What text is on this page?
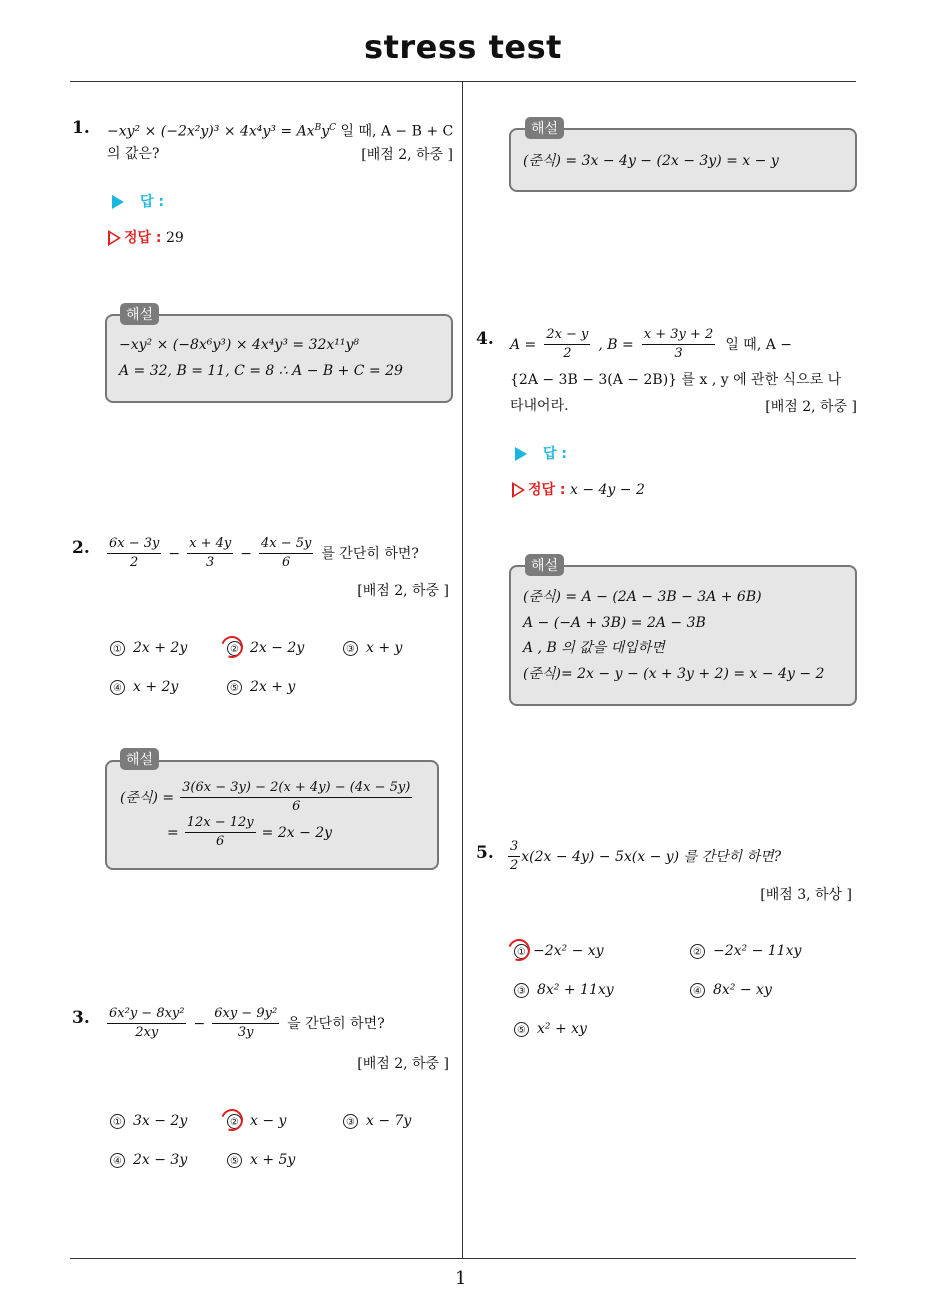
stress test
1
1. $-xy^2 \times (-2x^2y)^3 \times 4x^4y^3 = Ax^By^C$ 일 때, A − B + C
의 값은?	[배점 2, 하중 ]
답 :
정답 : 29
해설
−xy² × (−8x⁶y³) × 4x⁴y³ = 32x¹¹y⁸
A = 32, B = 11, C = 8 ∴ A − B + C = 29
2. $\frac{6x - 3y}{2} - \frac{x + 4y}{3} - \frac{4x - 5y}{6}$ 를 간단히 하면?
[배점 2, 하중 ]
① 2x + 2y	② 2x − 2y	③ x + y
④ x + 2y	⑤ 2x + y
해설
(준식) = $\frac{3(6x - 3y) - 2(x + 4y) - (4x - 5y)}{6}$
= $\frac{12x - 12y}{6} = 2x - 2y$
3. $\frac{\text{6x²y − 8xy²}}{2xy} - \frac{\text{6xy − 9y²}}{3y}$ 을 간단히 하면?
[배점 2, 하중 ]
① 3x − 2y	② x − y	③ x − 7y
④ 2x − 3y	⑤ x + 5y
해설
(준식) = 3x − 4y − (2x − 3y) = x − y
4. $A = \frac{2x - y}{2}$ , $B = \frac{x + 3y + 2}{3}$ 일 때, A −
{2A − 3B − 3(A − 2B)} 를 x , y 에 관한 식으로 나
타내어라.	[배점 2, 하중 ]
답 :
정답 : x − 4y − 2
해설
(준식) = A − (2A − 3B − 3A + 6B)
A − (−A + 3B) = 2A − 3B
A , B 의 값을 대입하면
(준식)= 2x − y − (x + 3y + 2) = x − 4y − 2
5. $\frac{3}{2} x(2x - 4y) - 5x(x - y)$ 를 간단히 하면?
[배점 3, 하상 ]
① −2x² − xy	② −2x² − 11xy
③ 8x² + 11xy	④ 8x² − xy
⑤ x² + xy
